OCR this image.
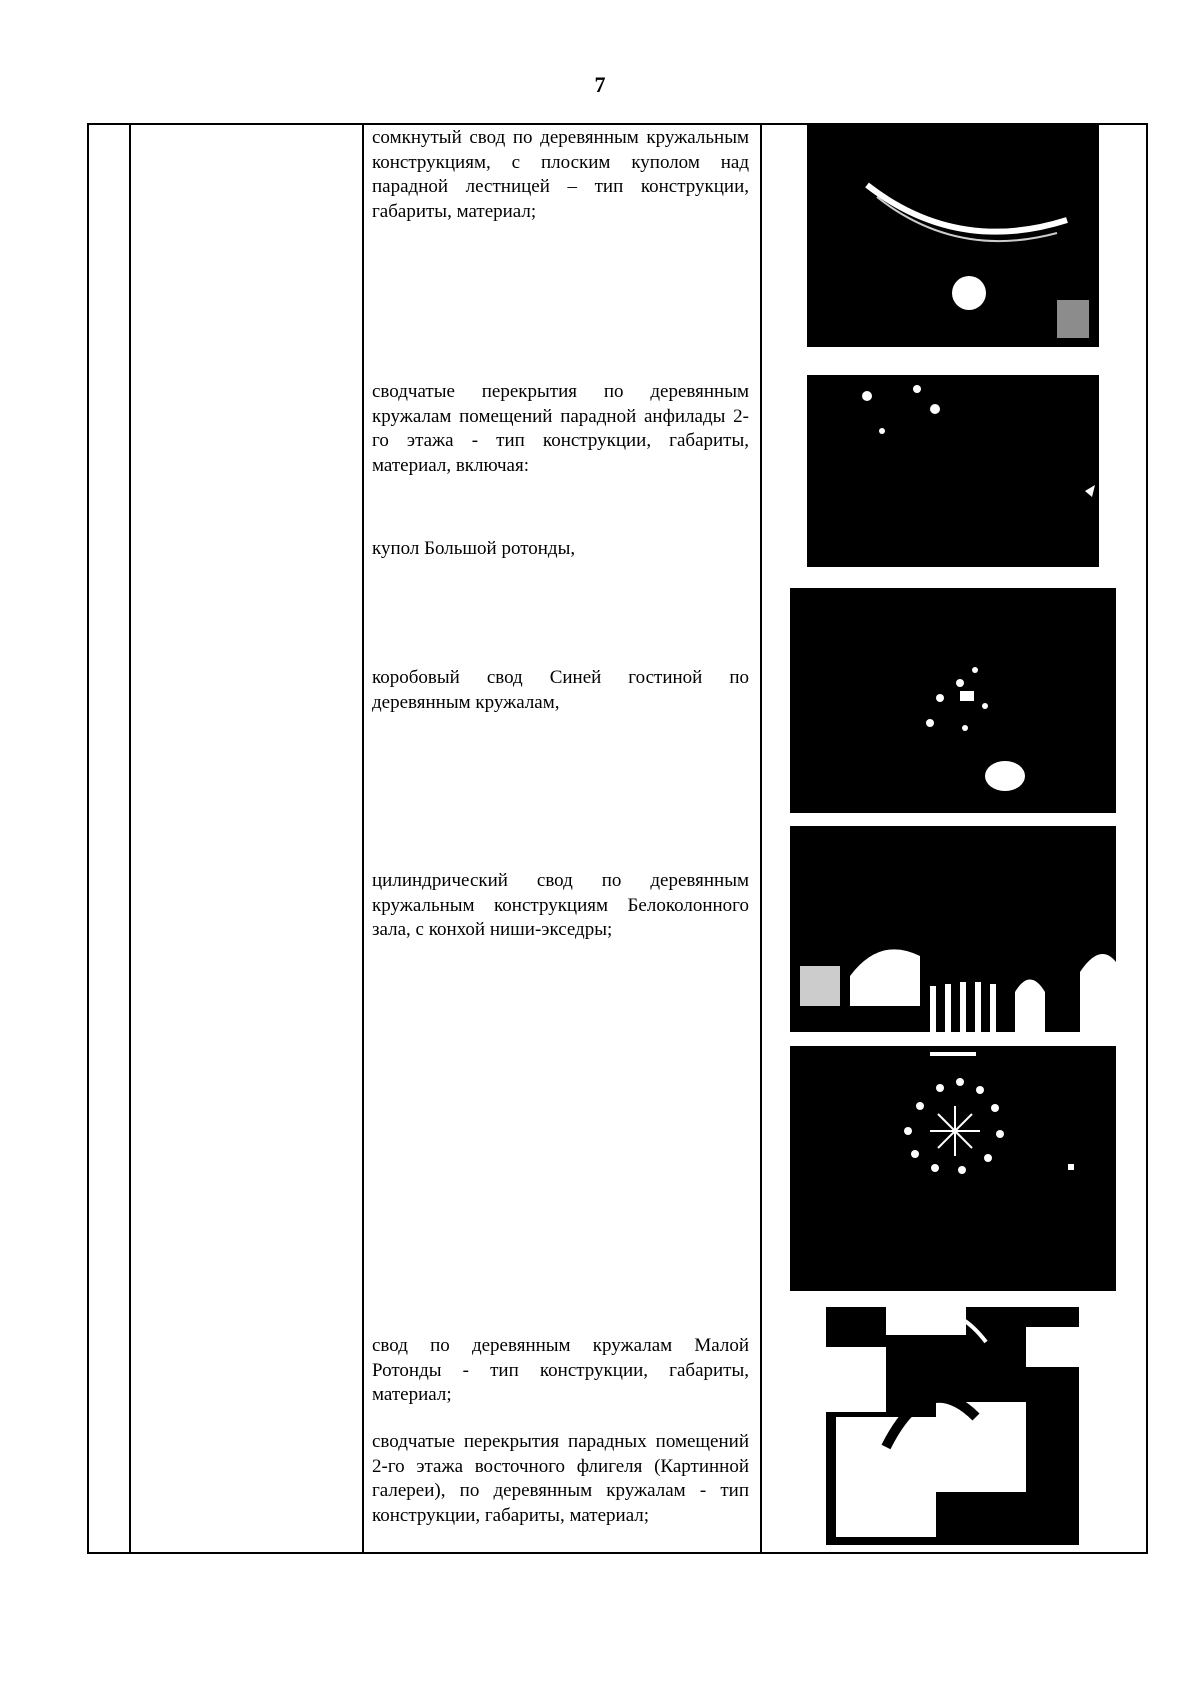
7
сомкнутый свод по деревянным кружальным конструкциям, с плоским куполом над парадной лестницей – тип конструкции, габариты, материал;
сводчатые перекрытия по деревянным кружалам помещений парадной анфилады 2-го этажа - тип конструкции, габариты, материал, включая:
купол Большой ротонды,
коробовый свод Синей гостиной по деревянным кружалам,
цилиндрический свод по деревянным кружальным конструкциям Белоколонного зала, с конхой ниши-экседры;
свод по деревянным кружалам Малой Ротонды - тип конструкции, габариты, материал;
сводчатые перекрытия парадных помещений 2-го этажа восточного флигеля (Картинной галереи), по деревянным кружалам - тип конструкции, габариты, материал;
